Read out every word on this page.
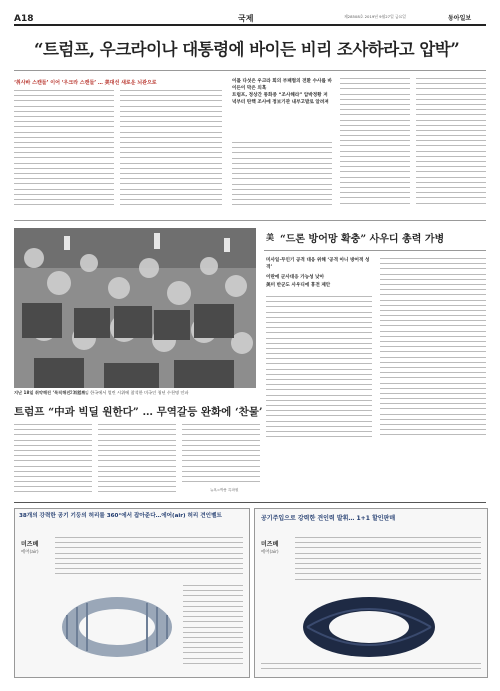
A18	국제	제28508호 2019년 9월27일 금요일	동아일보
“트럼프, 우크라이나 대통령에 바이든 비리 조사하라고 압박”
‘취사바 스캔들’ 이어 ‘우크라 스캔들’ … 美대선 새로운 뇌관으로	이틀 다섯은 우크라 회의 부패혐의 전환 수사를 바이든이 막은 의혹
트럼프, 정상간 통화중 “조사해라” 압박정황 저녁부터 탄핵 조사에 정보기관 내부고발로 알려져
지난 18일 취약해진 ‘묵직해진’ 트럼프
21일 재임 한국에서 열린 시위에 참석한 미국인 청년 수천명 인파
美 “드론 방어망 확충” 사우디 총력 가병
미사일·무인기 공격 대응 위해 ‘공격 아니 방어적 성격’
이란에 군사대응 가능성 낮아
美미 반군도 사우디에 휴전 제안
트럼프 “中과 빅딜 원한다” … 무역갈등 완화에 ‘찬물’
뉴욕=박용 특파원
38개의 강력한 공기 기둥의 허리를 360°에서 잡아준다…에어(air) 허리 견인벨트
미즈베
에어(air)
공기주입으로 강력한 견인력 발휘… 1+1 할인판매
미즈베
에어(air)
